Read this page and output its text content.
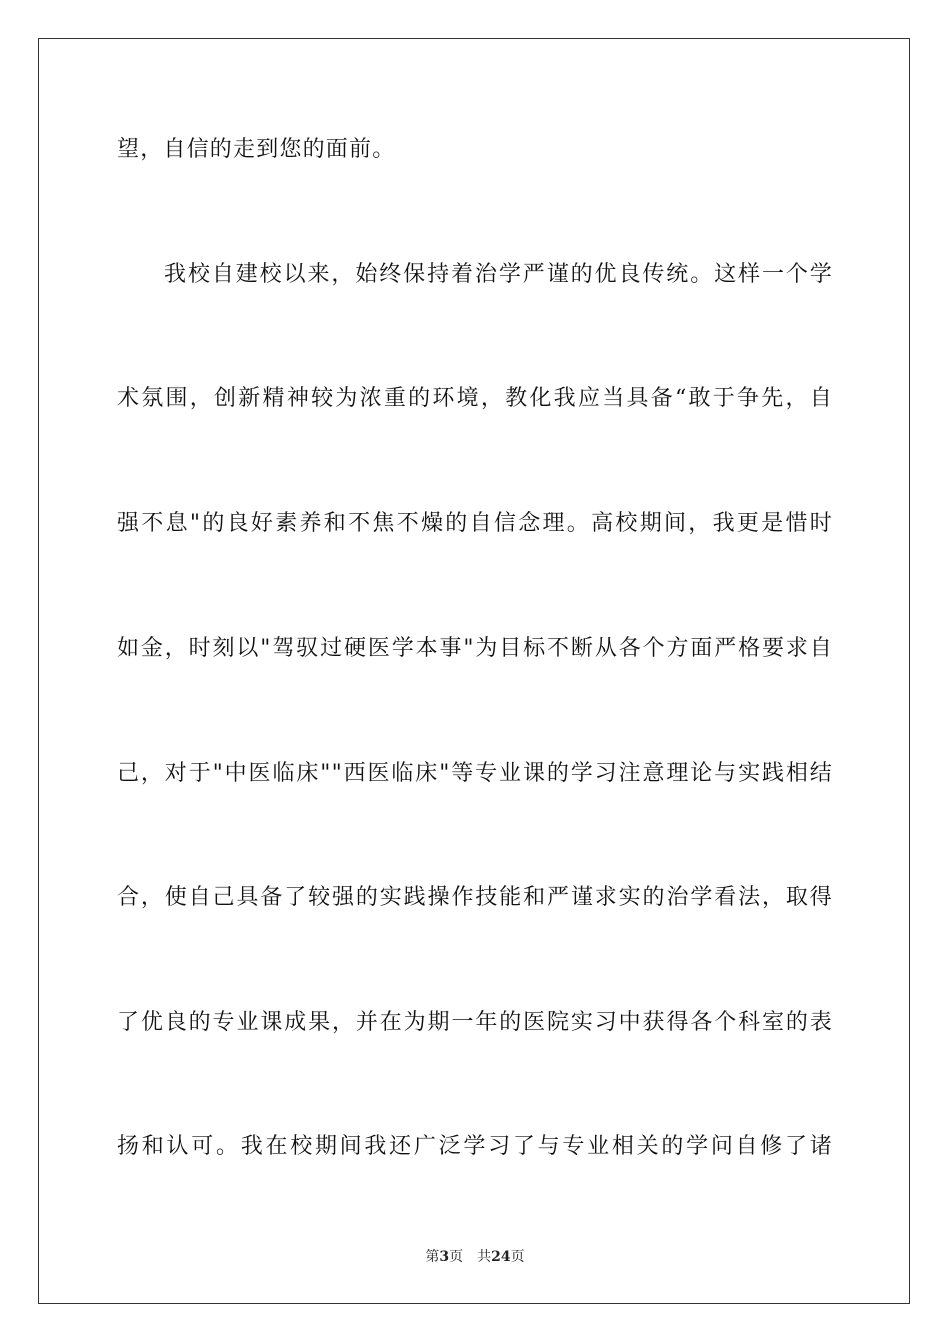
望，自信的走到您的面前。
我校自建校以来，始终保持着治学严谨的优良传统。这样一个学
术氛围，创新精神较为浓重的环境，教化我应当具备“敢于争先，自
强不息"的良好素养和不焦不燥的自信念理。高校期间，我更是惜时
如金，时刻以"驾驭过硬医学本事"为目标不断从各个方面严格要求自
己，对于"中医临床""西医临床"等专业课的学习注意理论与实践相结
合，使自己具备了较强的实践操作技能和严谨求实的治学看法，取得
了优良的专业课成果，并在为期一年的医院实习中获得各个科室的表
扬和认可。我在校期间我还广泛学习了与专业相关的学问自修了诸
第3页 共24页
